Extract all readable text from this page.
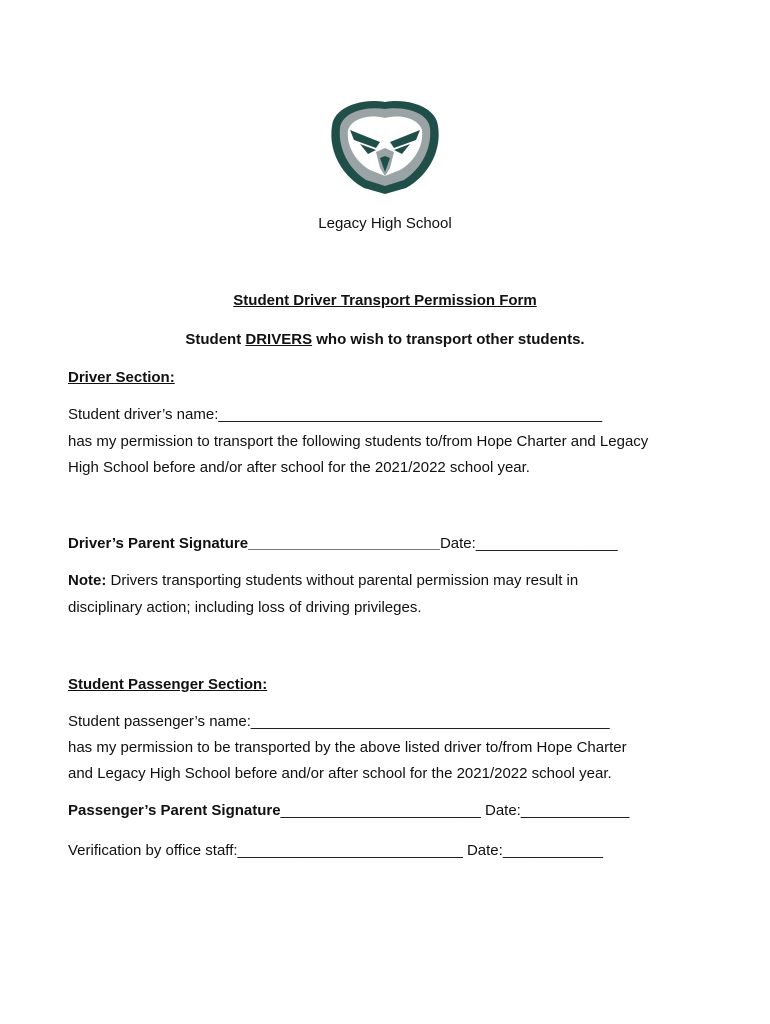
Legacy High School
Student Driver Transport Permission Form
Student DRIVERS who wish to transport other students.
Driver Section:
Student driver’s name:______________________________________________
has my permission to transport the following students to/from Hope Charter and Legacy
High School before and/or after school for the 2021/2022 school year.
Driver’s Parent Signature_______________________Date:_________________
Note: Drivers transporting students without parental permission may result in
disciplinary action; including loss of driving privileges.
Student Passenger Section:
Student passenger’s name:___________________________________________
has my permission to be transported by the above listed driver to/from Hope Charter
and Legacy High School before and/or after school for the 2021/2022 school year.
Passenger’s Parent Signature________________________ Date:_____________
Verification by office staff:___________________________ Date:____________
